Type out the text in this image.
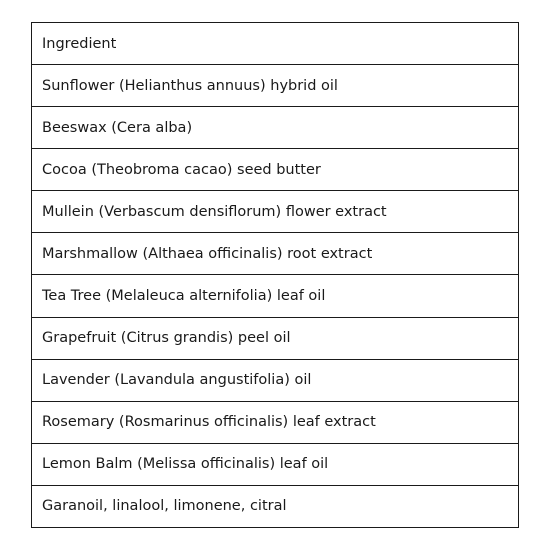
Ingredient
Sunflower (Helianthus annuus) hybrid oil
Beeswax (Cera alba)
Cocoa (Theobroma cacao) seed butter
Mullein (Verbascum densiflorum) flower extract
Marshmallow (Althaea officinalis) root extract
Tea Tree (Melaleuca alternifolia) leaf oil
Grapefruit (Citrus grandis) peel oil
Lavender (Lavandula angustifolia) oil
Rosemary (Rosmarinus officinalis) leaf extract
Lemon Balm (Melissa officinalis) leaf oil
Garanoil, linalool, limonene, citral
